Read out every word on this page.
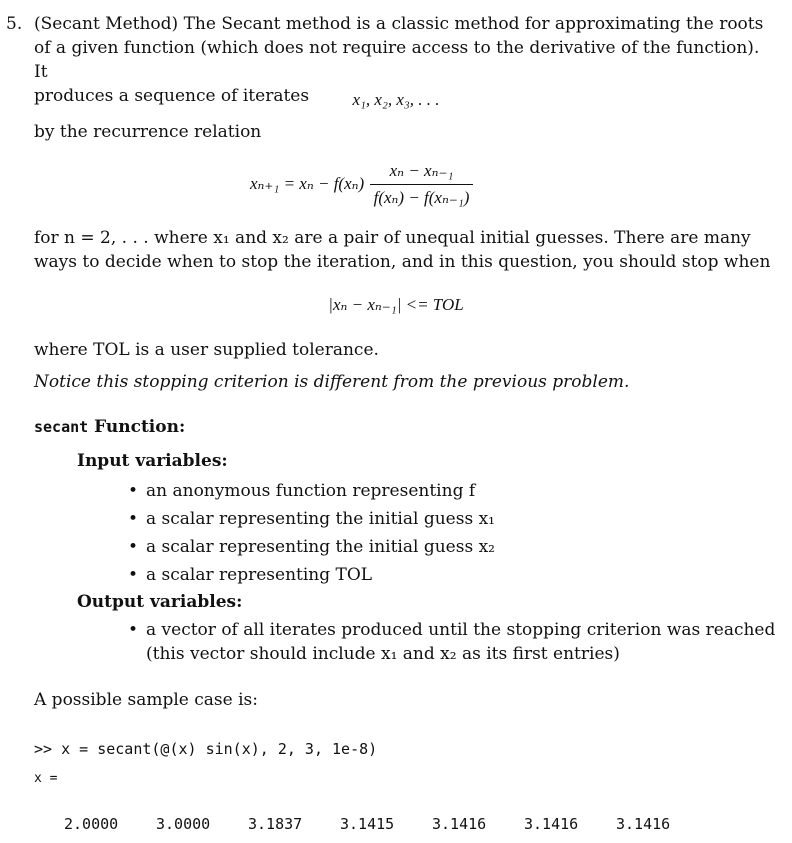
5. (Secant Method) The Secant method is a classic method for approximating the roots
of a given function (which does not require access to the derivative of the function). It
produces a sequence of iterates	x₁, x₂, x₃, . . .
by the recurrence relation
$x_{n+1} = x_n - f(x_n) \frac{\text{xₙ − xₙ₋₁}}{\text{f(xₙ) − f(xₙ₋₁)}}$
for n = 2, . . . where x₁ and x₂ are a pair of unequal initial guesses. There are many
ways to decide when to stop the iteration, and in this question, you should stop when
|xₙ − xₙ₋₁| <= TOL
where TOL is a user supplied tolerance.
Notice this stopping criterion is different from the previous problem.
secant Function:
Input variables:
• an anonymous function representing f
• a scalar representing the initial guess x₁
• a scalar representing the initial guess x₂
• a scalar representing TOL
Output variables:
• a vector of all iterates produced until the stopping criterion was reached
(this vector should include x₁ and x₂ as its first entries)
A possible sample case is:
>> x = secant(@(x) sin(x), 2, 3, 1e-8)
x =
2.0000	3.0000	3.1837	3.1415	3.1416	3.1416	3.1416
